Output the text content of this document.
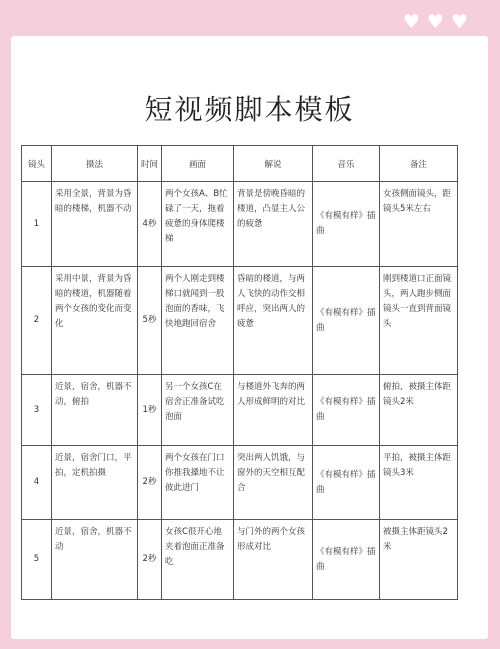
♥ ♥ ♥
短视频脚本模板
镜头	摄法	时间	画面	解说	音乐	备注
1	采用全景，背景为昏暗的楼梯，机器不动	4秒	两个女孩A、B忙碌了一天，拖着疲惫的身体爬楼梯	背景是傍晚昏暗的楼道，凸显主人公的疲惫	《有模有样》插曲	女孩侧面镜头，距镜头5米左右
2	采用中景，背景为昏暗的楼道，机器随着两个女孩的变化而变化	5秒	两个人刚走到楼梯口就闻到一股泡面的香味，飞快地跑回宿舍	昏暗的楼道，与两人飞快的动作交相呼应，突出两人的疲惫	《有模有样》插曲	刚到楼道口正面镜头，两人跑步侧面镜头一直到背面镜头
3	近景，宿舍，机器不动，俯拍	1秒	另一个女孩C在宿舍正准备试吃泡面	与楼道外飞奔的两人形成鲜明的对比	《有模有样》插曲	俯拍，被摄主体距镜头2米
4	近景，宿舍门口，平拍，定机拍摄	2秒	两个女孩在门口你推我搡地不让彼此进门	突出两人饥饿，与窗外的天空相互配合	《有模有样》插曲	平拍，被摄主体距镜头3米
5	近景，宿舍，机器不动	2秒	女孩C很开心地夹着泡面正准备吃	与门外的两个女孩形成对比	《有模有样》插曲	被摄主体距镜头2米
